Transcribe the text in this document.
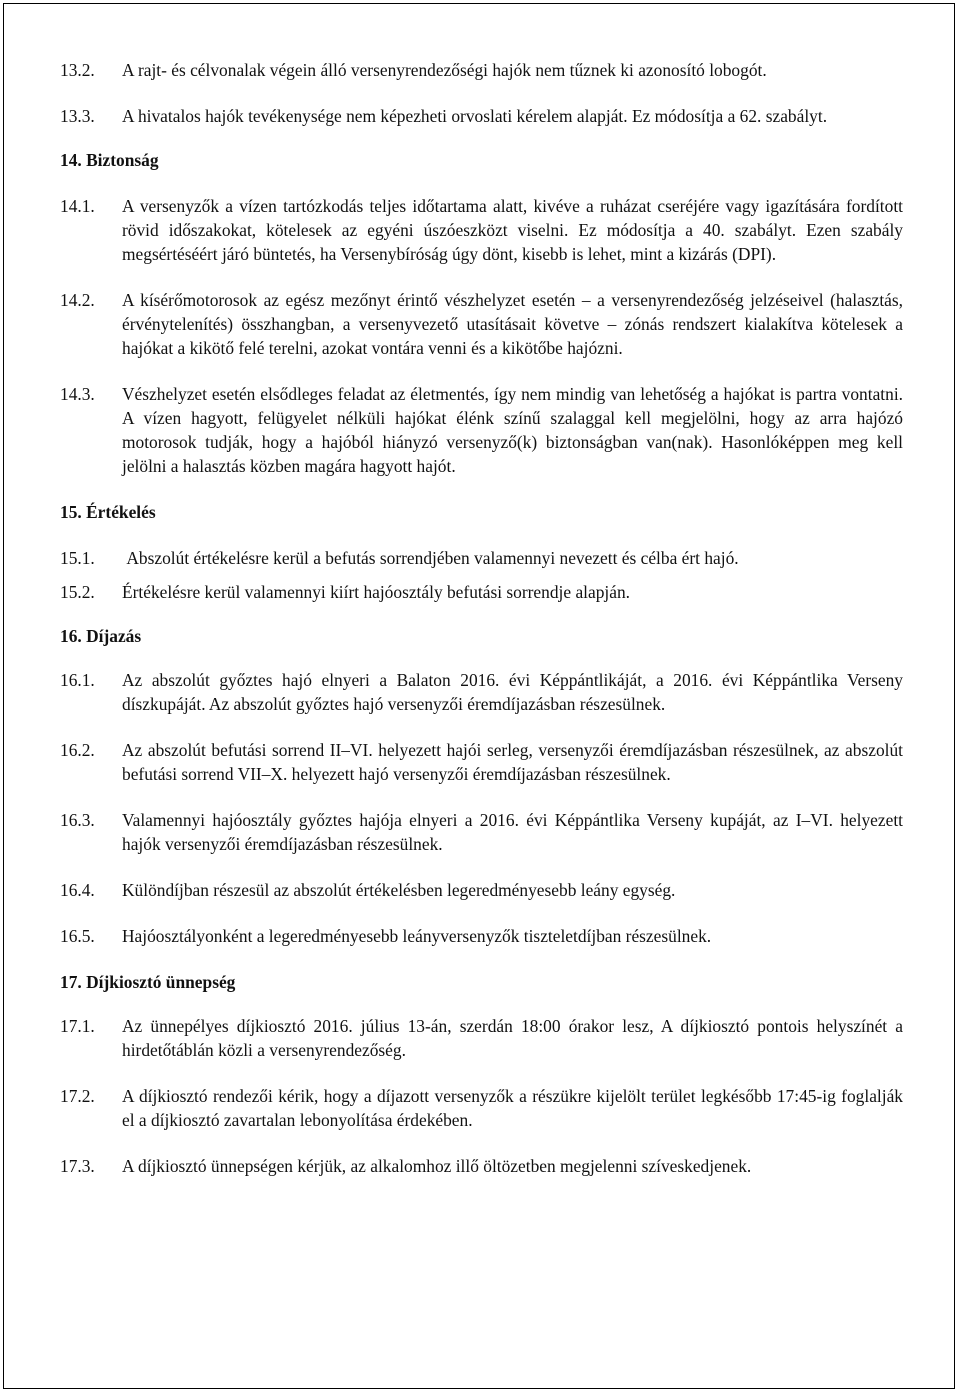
13.2.	A rajt- és célvonalak végein álló versenyrendezőségi hajók nem tűznek ki azonosító lobogót.
13.3.	A hivatalos hajók tevékenysége nem képezheti orvoslati kérelem alapját. Ez módosítja a 62. szabályt.
14. Biztonság
14.1.	A versenyzők a vízen tartózkodás teljes időtartama alatt, kivéve a ruházat cseréjére vagy igazítására fordított rövid időszakokat, kötelesek az egyéni úszóeszközt viselni. Ez módosítja a 40. szabályt. Ezen szabály megsértéséért járó büntetés, ha Versenybíróság úgy dönt, kisebb is lehet, mint a kizárás (DPI).
14.2.	A kísérőmotorosok az egész mezőnyt érintő vészhelyzet esetén – a versenyrendezőség jelzéseivel (halasztás, érvénytelenítés) összhangban, a versenyvezető utasításait követve – zónás rendszert kialakítva kötelesek a hajókat a kikötő felé terelni, azokat vontára venni és a kikötőbe hajózni.
14.3.	Vészhelyzet esetén elsődleges feladat az életmentés, így nem mindig van lehetőség a hajókat is partra vontatni. A vízen hagyott, felügyelet nélküli hajókat élénk színű szalaggal kell megjelölni, hogy az arra hajózó motorosok tudják, hogy a hajóból hiányzó versenyző(k) biztonságban van(nak). Hasonlóképpen meg kell jelölni a halasztás közben magára hagyott hajót.
15. Értékelés
15.1.	Abszolút értékelésre kerül a befutás sorrendjében valamennyi nevezett és célba ért hajó.
15.2.	Értékelésre kerül valamennyi kiírt hajóosztály befutási sorrendje alapján.
16. Díjazás
16.1.	Az abszolút győztes hajó elnyeri a Balaton 2016. évi Képpántlikáját, a 2016. évi Képpántlika Verseny díszkupáját. Az abszolút győztes hajó versenyzői éremdíjazásban részesülnek.
16.2.	Az abszolút befutási sorrend II–VI. helyezett hajói serleg, versenyzői éremdíjazásban részesülnek, az abszolút befutási sorrend VII–X. helyezett hajó versenyzői éremdíjazásban részesülnek.
16.3.	Valamennyi hajóosztály győztes hajója elnyeri a 2016. évi Képpántlika Verseny kupáját, az I–VI. helyezett hajók versenyzői éremdíjazásban részesülnek.
16.4.	Különdíjban részesül az abszolút értékelésben legeredményesebb leány egység.
16.5.	Hajóosztályonként a legeredményesebb leányversenyzők tiszteletdíjban részesülnek.
17. Díjkiosztó ünnepség
17.1.	Az ünnepélyes díjkiosztó 2016. július 13-án, szerdán 18:00 órakor lesz, A díjkiosztó pontois helyszínét a hirdetőtáblán közli a versenyrendezőség.
17.2.	A díjkiosztó rendezői kérik, hogy a díjazott versenyzők a részükre kijelölt terület legkésőbb 17:45-ig foglalják el a díjkiosztó zavartalan lebonyolítása érdekében.
17.3.	A díjkiosztó ünnepségen kérjük, az alkalomhoz illő öltözetben megjelenni szíveskedjenek.
